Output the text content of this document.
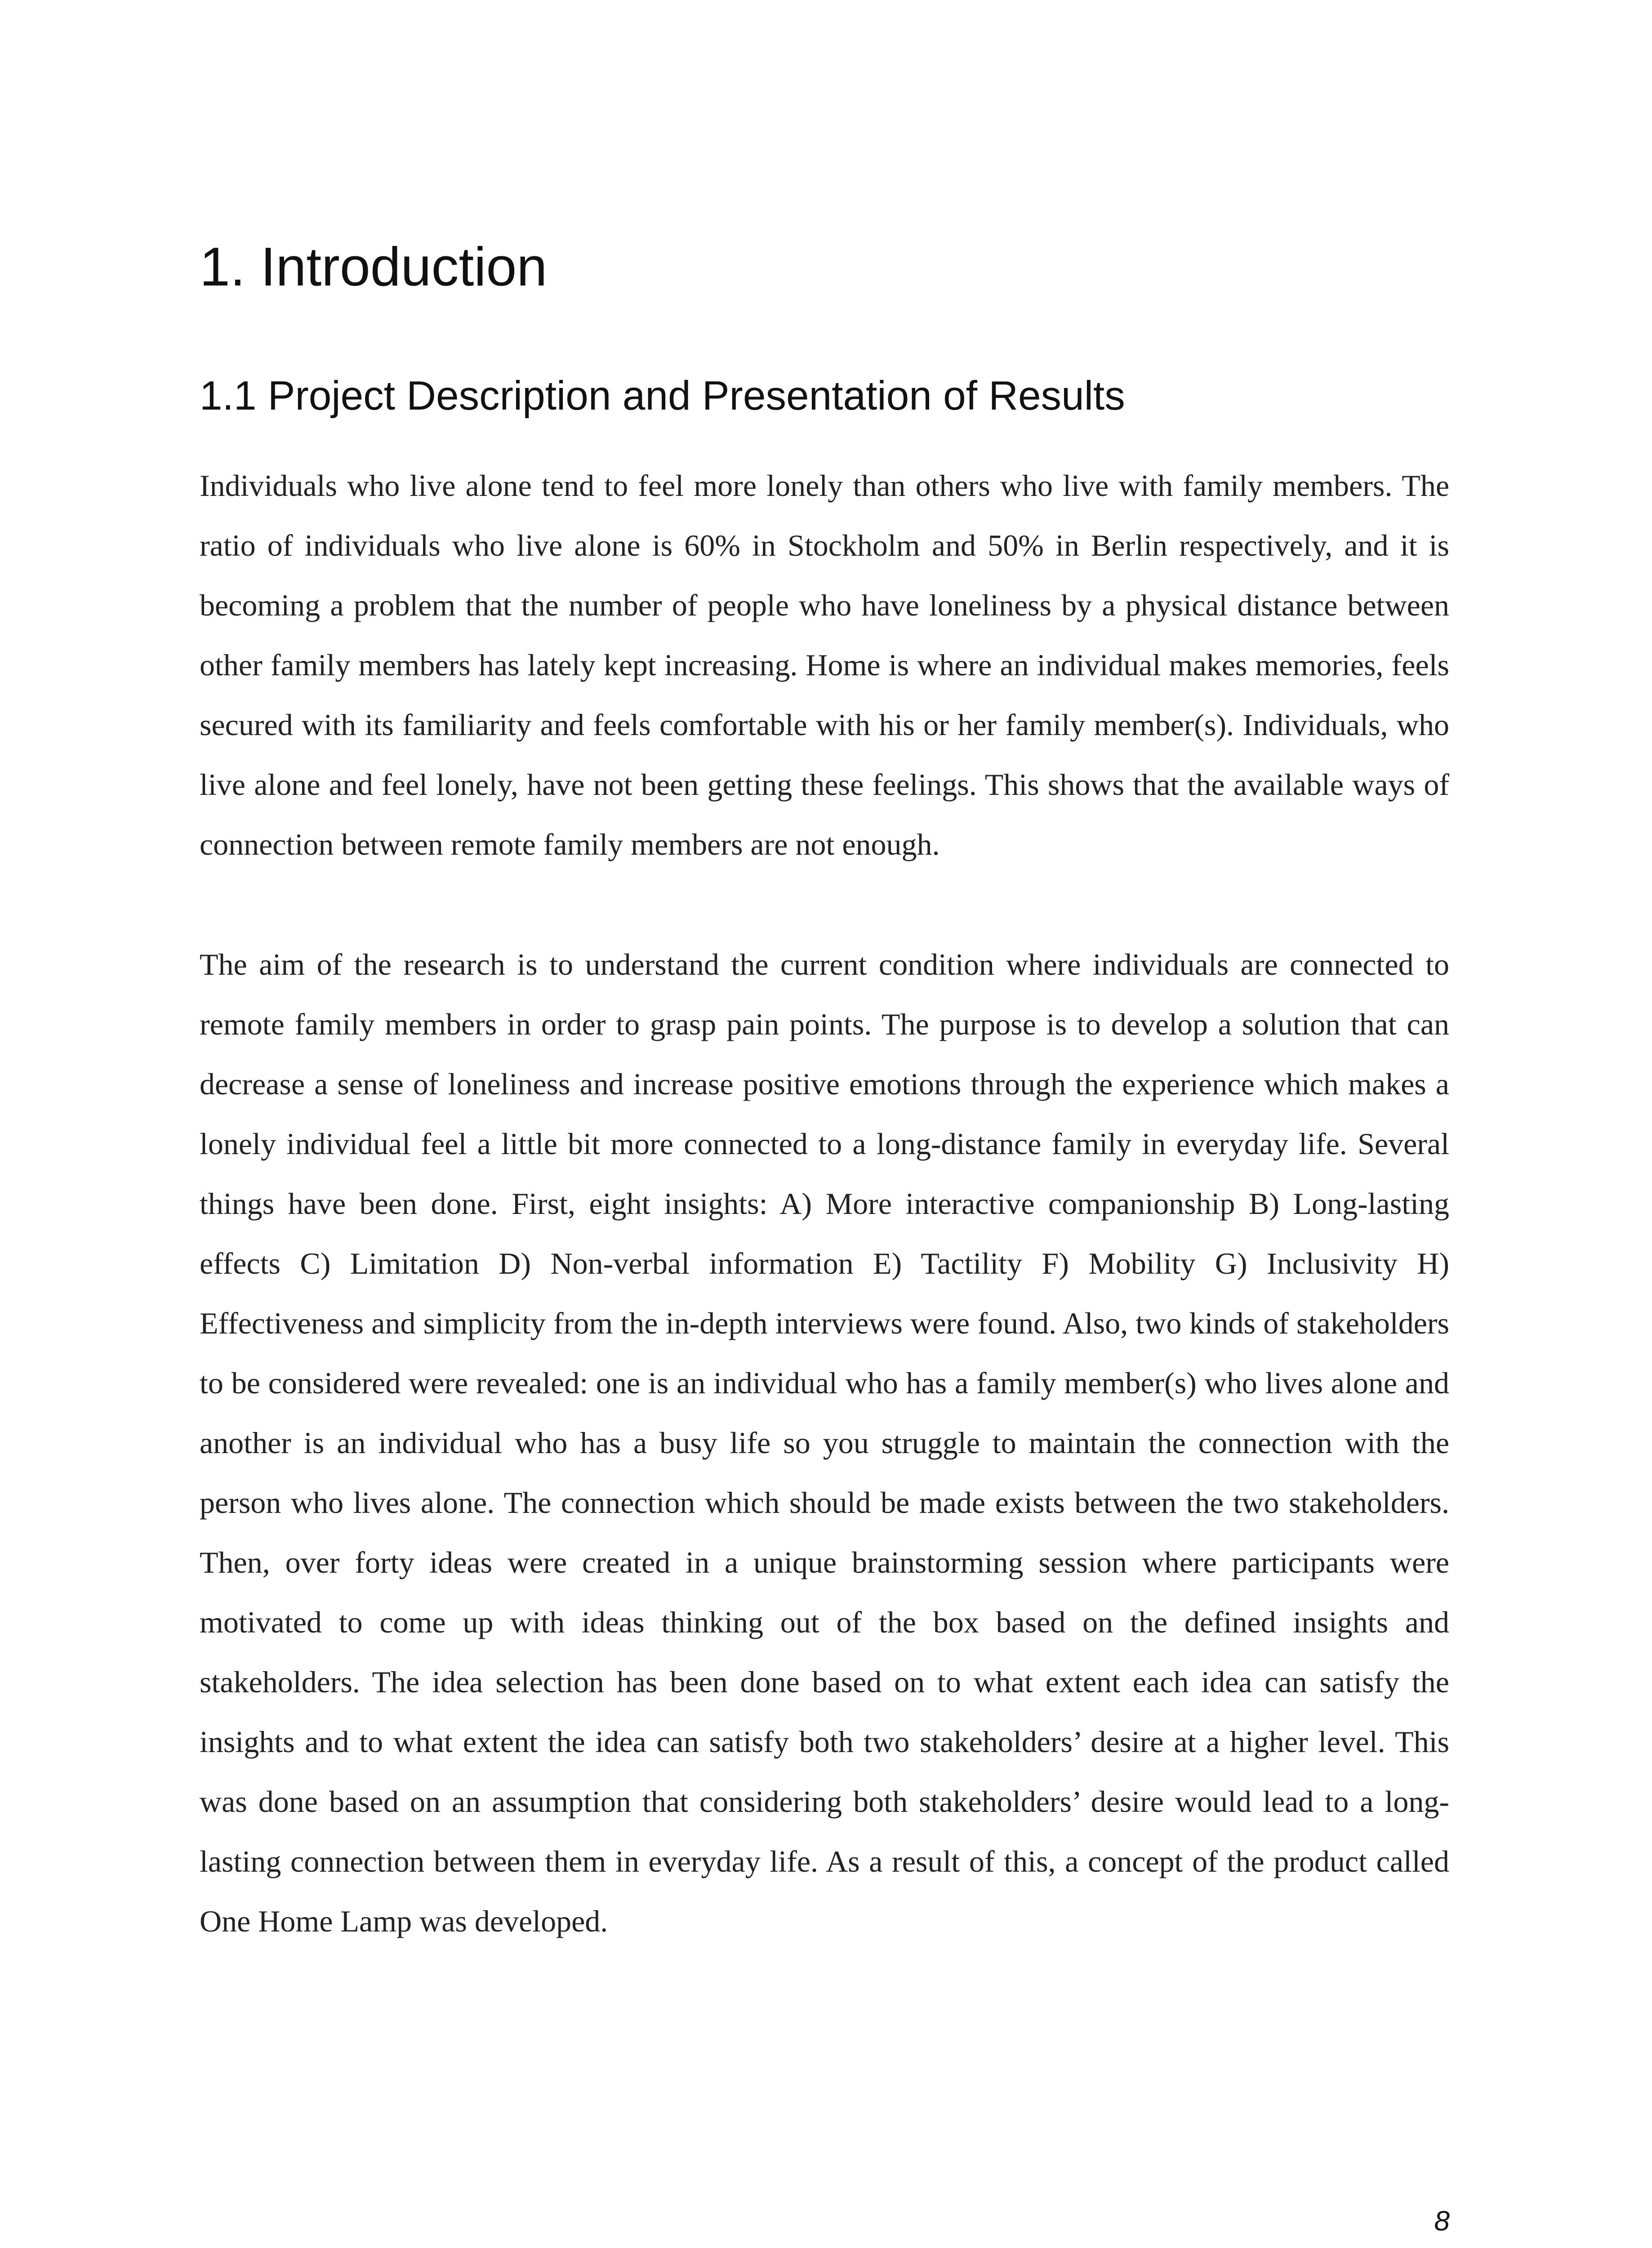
1. Introduction
1.1 Project Description and Presentation of Results

Individuals who live alone tend to feel more lonely than others who live with family members. The ratio of individuals who live alone is 60% in Stockholm and 50% in Berlin respectively, and it is becoming a problem that the number of people who have loneliness by a physical distance between other family members has lately kept increasing. Home is where an individual makes memories, feels secured with its familiarity and feels comfortable with his or her family member(s). Individuals, who live alone and feel lonely, have not been getting these feelings. This shows that the available ways of connection between remote family members are not enough.

The aim of the research is to understand the current condition where individuals are connected to remote family members in order to grasp pain points. The purpose is to develop a solution that can decrease a sense of loneliness and increase positive emotions through the experience which makes a lonely individual feel a little bit more connected to a long-distance family in everyday life. Several things have been done. First, eight insights: A) More interactive companionship B) Long-lasting effects C) Limitation D) Non-verbal information E) Tactility F) Mobility G) Inclusivity H) Effectiveness and simplicity from the in-depth interviews were found. Also, two kinds of stakeholders to be considered were revealed: one is an individual who has a family member(s) who lives alone and another is an individual who has a busy life so you struggle to maintain the connection with the person who lives alone. The connection which should be made exists between the two stakeholders. Then, over forty ideas were created in a unique brainstorming session where participants were motivated to come up with ideas thinking out of the box based on the defined insights and stakeholders. The idea selection has been done based on to what extent each idea can satisfy the insights and to what extent the idea can satisfy both two stakeholders’ desire at a higher level. This was done based on an assumption that considering both stakeholders’ desire would lead to a long-lasting connection between them in everyday life. As a result of this, a concept of the product called One Home Lamp was developed.

8
